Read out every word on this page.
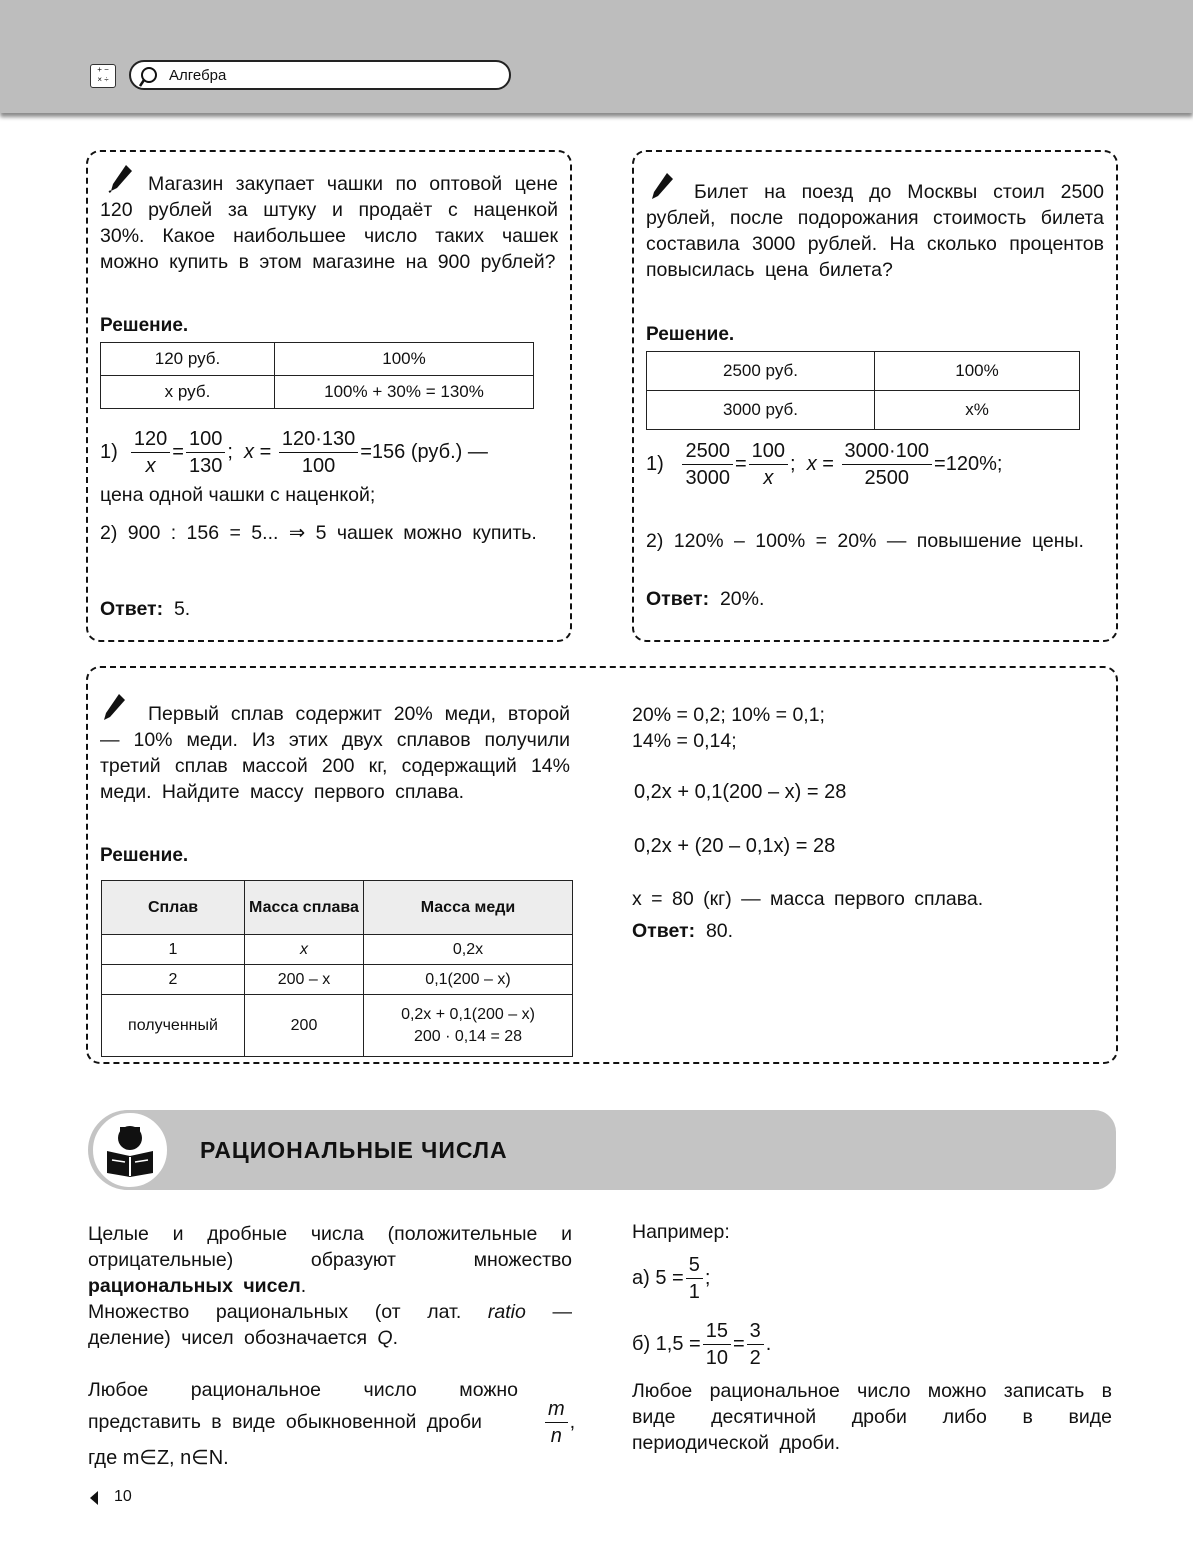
+ −
× ÷	Алгебра
Магазин закупает чашки по оптовой цене 120 рублей за штуку и продаёт с наценкой 30%. Какое наибольшее число таких чашек можно купить в этом магазине на 900 рублей?
Решение.
120 руб.	100%
x руб.	100% + 30% = 130%
$1) \frac{120}{x} = \frac{100}{130}$ ;  $x = \frac{120\cdot 130}{100} =156$ (руб.) —
цена одной чашки с наценкой;
2) 900 : 156 = 5... ⇒ 5 чашек можно купить.
Ответ: 5.
Билет на поезд до Москвы стоил 2500 рублей, после подорожания стоимость билета составила 3000 рублей. На сколько процентов повысилась цена билета?
Решение.
2500 руб.	100%
3000 руб.	x%
$1) \frac{2500}{3000} = \frac{100}{x}$ ;  $x = \frac{3000\cdot 100}{2500} =120\%$;
2) 120% – 100% = 20% — повышение цены.
Ответ: 20%.
Первый сплав содержит 20% меди, второй — 10% меди. Из этих двух сплавов получили третий сплав массой 200 кг, содержащий 14% меди. Найдите массу первого сплава.
Решение.
Сплав	Масса сплава	Масса меди
1	x	0,2x
2	200 – x	0,1(200 – x)
полученный	200	0,2x + 0,1(200 – x)
200 · 0,14 = 28
20% = 0,2; 10% = 0,1;
14% = 0,14;
0,2x + 0,1(200 – x) = 28
0,2x + (20 – 0,1x) = 28
x = 80 (кг) — масса первого сплава.
Ответ: 80.
РАЦИОНАЛЬНЫЕ ЧИСЛА
Целые и дробные числа (положительные и отрицательные) образуют множество рациональных чисел.
Множество рациональных (от лат. ratio — деление) чисел обозначается Q.
Любое рациональное число можно представить в виде обыкновенной дроби	$\frac{m}{n}$ ,
где m∈Z, n∈N.
Например:
а) $5 = \frac{5}{1}$ ;
б) $1,5 = \frac{15}{10} = \frac{3}{2}$ .
Любое рациональное число можно записать в виде десятичной дроби либо в виде периодической дроби.
10
